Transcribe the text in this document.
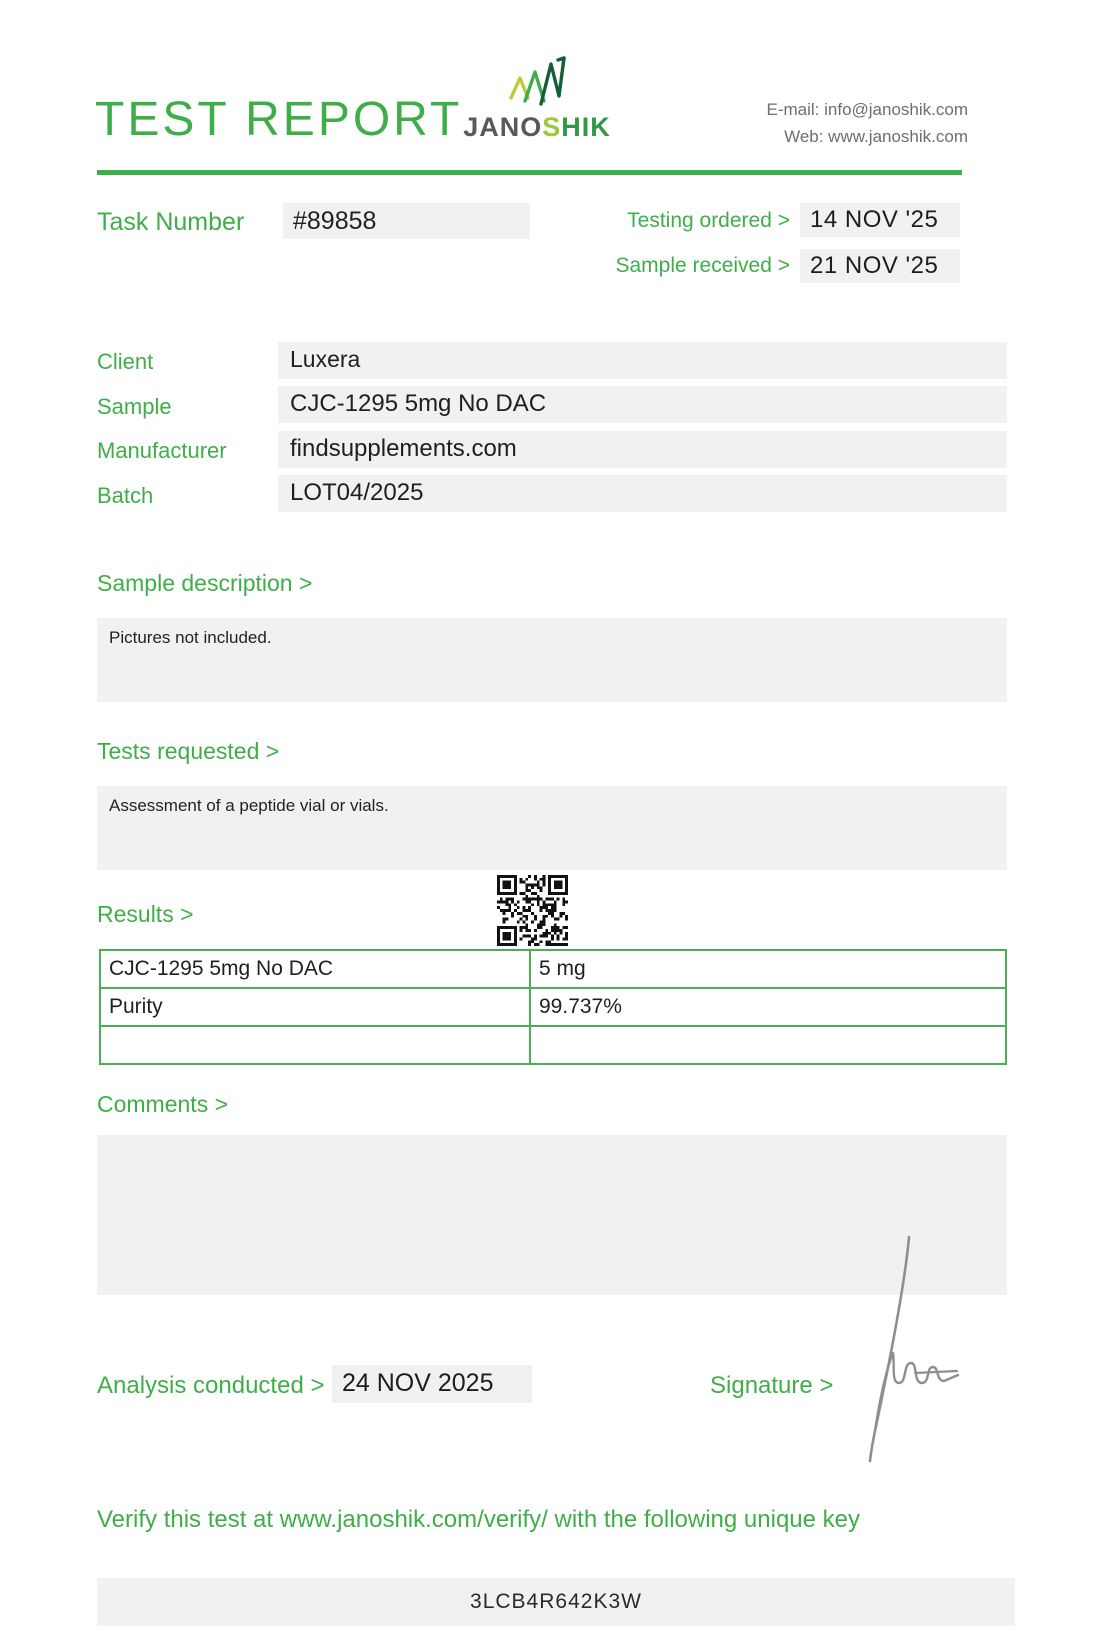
TEST REPORT JANOSHIK
E-mail: info@janoshik.com
Web: www.janoshik.com
Task Number	#89858	Testing ordered > 14 NOV '25
Sample received > 21 NOV '25
Client	Luxera
Sample	CJC-1295 5mg No DAC
Manufacturer	findsupplements.com
Batch	LOT04/2025
Sample description >
Pictures not included.
Tests requested >
Assessment of a peptide vial or vials.
Results >
CJC-1295 5mg No DAC	5 mg
Purity	99.737%

Comments >
Analysis conducted > 24 NOV 2025	Signature >
Verify this test at www.janoshik.com/verify/ with the following unique key
3LCB4R642K3W
